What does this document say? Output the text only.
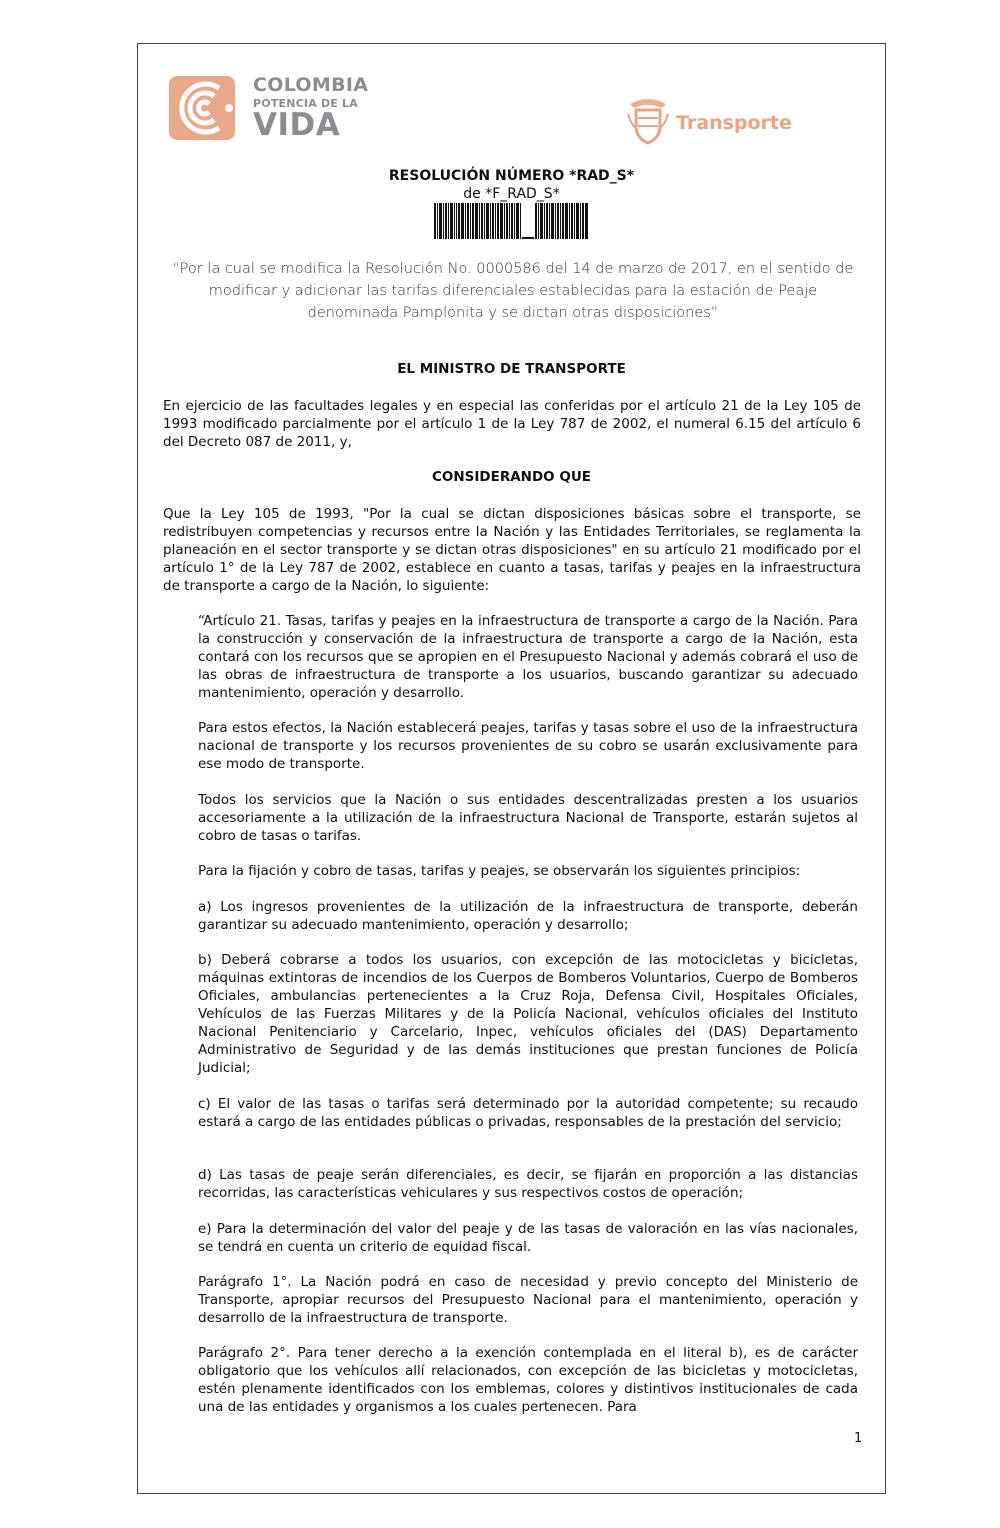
COLOMBIA
POTENCIA DE LA
VIDA	Transporte
RESOLUCIÓN NÚMERO *RAD_S*
de *F_RAD_S*
“Por la cual se modifica la Resolución No. 0000586 del 14 de marzo de 2017, en el sentido de modificar y adicionar las tarifas diferenciales establecidas para la estación de Peaje denominada Pamplonita y se dictan otras disposiciones”
EL MINISTRO DE TRANSPORTE
En ejercicio de las facultades legales y en especial las conferidas por el artículo 21 de la Ley 105 de 1993 modificado parcialmente por el artículo 1 de la Ley 787 de 2002, el numeral 6.15 del artículo 6 del Decreto 087 de 2011, y,
CONSIDERANDO QUE
Que la Ley 105 de 1993, "Por la cual se dictan disposiciones básicas sobre el transporte, se redistribuyen competencias y recursos entre la Nación y las Entidades Territoriales, se reglamenta la planeación en el sector transporte y se dictan otras disposiciones" en su artículo 21 modificado por el artículo 1° de la Ley 787 de 2002, establece en cuanto a tasas, tarifas y peajes en la infraestructura de transporte a cargo de la Nación, lo siguiente:
“Artículo 21. Tasas, tarifas y peajes en la infraestructura de transporte a cargo de la Nación. Para la construcción y conservación de la infraestructura de transporte a cargo de la Nación, esta contará con los recursos que se apropien en el Presupuesto Nacional y además cobrará el uso de las obras de infraestructura de transporte a los usuarios, buscando garantizar su adecuado mantenimiento, operación y desarrollo.
Para estos efectos, la Nación establecerá peajes, tarifas y tasas sobre el uso de la infraestructura nacional de transporte y los recursos provenientes de su cobro se usarán exclusivamente para ese modo de transporte.
Todos los servicios que la Nación o sus entidades descentralizadas presten a los usuarios accesoriamente a la utilización de la infraestructura Nacional de Transporte, estarán sujetos al cobro de tasas o tarifas.
Para la fijación y cobro de tasas, tarifas y peajes, se observarán los siguientes principios:
a) Los ingresos provenientes de la utilización de la infraestructura de transporte, deberán garantizar su adecuado mantenimiento, operación y desarrollo;
b) Deberá cobrarse a todos los usuarios, con excepción de las motocicletas y bicicletas, máquinas extintoras de incendios de los Cuerpos de Bomberos Voluntarios, Cuerpo de Bomberos Oficiales, ambulancias pertenecientes a la Cruz Roja, Defensa Civil, Hospitales Oficiales, Vehículos de las Fuerzas Militares y de la Policía Nacional, vehículos oficiales del Instituto Nacional Penitenciario y Carcelario, Inpec, vehículos oficiales del (DAS) Departamento Administrativo de Seguridad y de las demás instituciones que prestan funciones de Policía Judicial;
c) El valor de las tasas o tarifas será determinado por la autoridad competente; su recaudo estará a cargo de las entidades públicas o privadas, responsables de la prestación del servicio;
d) Las tasas de peaje serán diferenciales, es decir, se fijarán en proporción a las distancias recorridas, las características vehiculares y sus respectivos costos de operación;
e) Para la determinación del valor del peaje y de las tasas de valoración en las vías nacionales, se tendrá en cuenta un criterio de equidad fiscal.
Parágrafo 1°. La Nación podrá en caso de necesidad y previo concepto del Ministerio de Transporte, apropiar recursos del Presupuesto Nacional para el mantenimiento, operación y desarrollo de la infraestructura de transporte.
Parágrafo 2°. Para tener derecho a la exención contemplada en el literal b), es de carácter obligatorio que los vehículos allí relacionados, con excepción de las bicicletas y motocicletas, estén plenamente identificados con los emblemas, colores y distintivos institucionales de cada una de las entidades y organismos a los cuales pertenecen. Para
1
